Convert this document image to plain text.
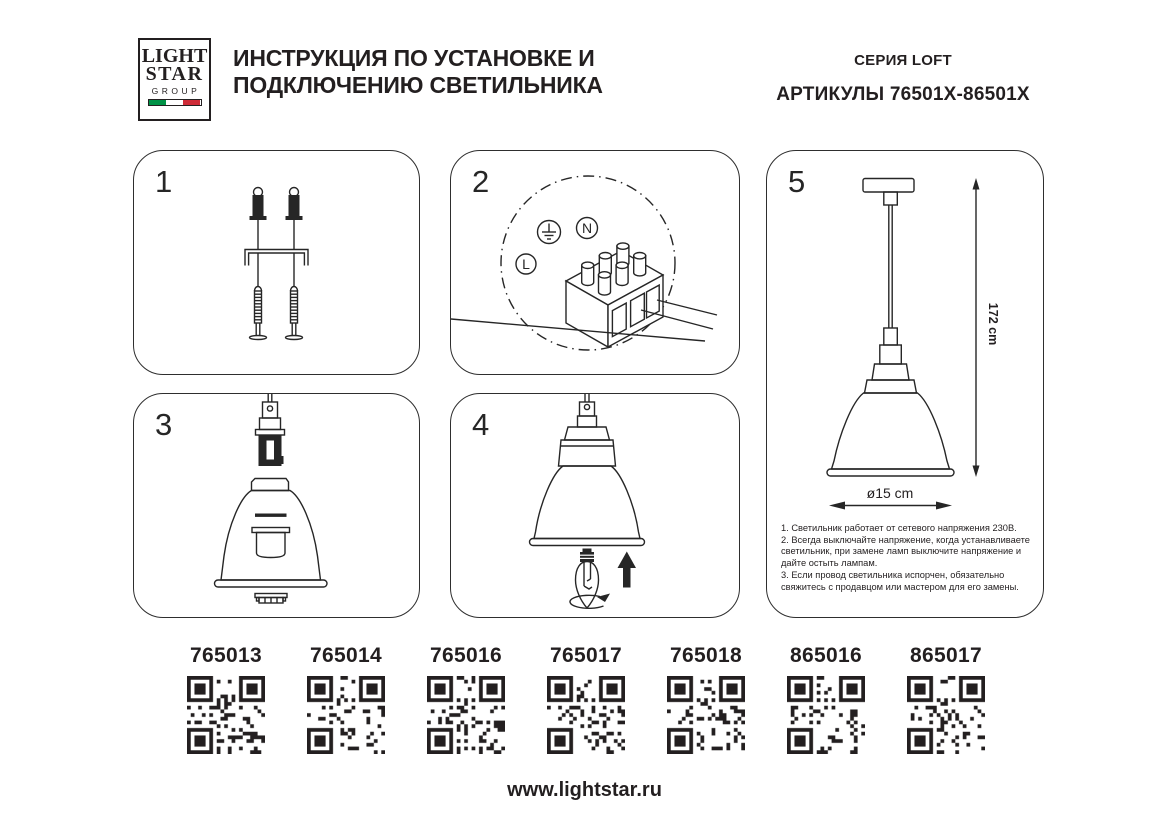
LIGHT
STAR
GROUP
ИНСТРУКЦИЯ ПО УСТАНОВКЕ И
ПОДКЛЮЧЕНИЮ СВЕТИЛЬНИКА
СЕРИЯ LOFT
АРТИКУЛЫ 76501X-86501X
1	2
N
L
3	4
5
172 cm
ø15 cm

1. Светильник работает от сетевого напряжения 230В.

2. Всегда выключайте напряжение, когда устанавливаете светильник, при замене ламп выключите напряжение и дайте остыть лампам.

3. Если провод светильника испорчен, обязательно свяжитесь с продавцом или мастером для его замены.

765013 765014 765016 765017 765018 865016 865017
www.lightstar.ru
